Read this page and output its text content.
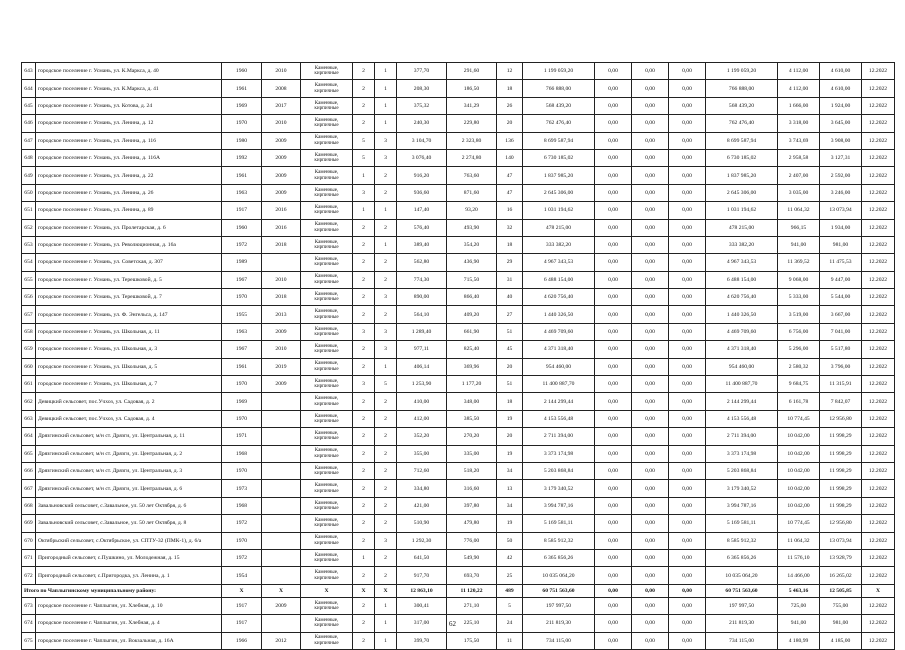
643	городское поселение г. Усмань, ул. К.Маркса, д. 40	1960	2010	Каменные, кирпичные	2	1	377,70	291,60	12	1 199 059,20	0,00	0,00	0,00	1 199 059,20	4 112,00	4 610,00	12.2022
644	городское поселение г. Усмань, ул. К.Маркса, д. 41	1961	2008	Каменные, кирпичные	2	1	208,30	186,50	18	766 888,00	0,00	0,00	0,00	766 888,00	4 112,00	4 610,00	12.2022
645	городское поселение г. Усмань, ул. Котова, д. 24	1969	2017	Каменные, кирпичные	2	1	375,32	341,29	26	568 439,20	0,00	0,00	0,00	568 439,20	1 666,00	1 924,00	12.2022
646	городское поселение г. Усмань, ул. Ленина, д. 12	1970	2010	Каменные, кирпичные	2	1	240,30	229,80	20	762 476,40	0,00	0,00	0,00	762 476,40	3 318,00	3 645,00	12.2022
647	городское поселение г. Усмань, ул. Ленина, д. 116	1980	2009	Каменные, кирпичные	5	3	3 104,70	2 323,80	136	8 699 587,94	0,00	0,00	0,00	8 699 587,94	3 743,69	3 908,00	12.2022
648	городское поселение г. Усмань, ул. Ленина, д. 116А	1992	2009	Каменные, кирпичные	5	3	3 076,40	2 274,80	140	6 730 185,02	0,00	0,00	0,00	6 730 185,02	2 958,58	3 127,31	12.2022
649	городское поселение г. Усмань, ул. Ленина, д. 22	1961	2009	Каменные, кирпичные	1	2	916,20	763,60	47	1 837 985,20	0,00	0,00	0,00	1 837 985,20	2 407,00	2 592,00	12.2022
650	городское поселение г. Усмань, ул. Ленина, д. 26	1963	2009	Каменные, кирпичные	3	2	936,60	871,60	47	2 645 306,00	0,00	0,00	0,00	2 645 306,00	3 035,00	3 246,00	12.2022
651	городское поселение г. Усмань, ул. Ленина, д. 89	1917	2016	Каменные, кирпичные	1	1	147,40	93,20	16	1 031 194,62	0,00	0,00	0,00	1 031 194,62	11 064,32	13 073,94	12.2022
652	городское поселение г. Усмань, ул. Пролетарская, д. 6	1960	2016	Каменные, кирпичные	2	2	576,40	493,90	32	478 215,00	0,00	0,00	0,00	478 215,00	966,15	1 934,00	12.2022
653	городское поселение г. Усмань, ул. Революционная, д. 16а	1972	2018	Каменные, кирпичные	2	1	389,40	354,20	18	333 382,20	0,00	0,00	0,00	333 382,20	941,00	981,00	12.2022
654	городское поселение г. Усмань, ул. Советская, д. 307	1989		Каменные, кирпичные	2	2	562,80	436,90	29	4 967 343,53	0,00	0,00	0,00	4 967 343,53	11 369,52	11 475,53	12.2022
655	городское поселение г. Усмань, ул. Терешковой, д. 5	1967	2010	Каменные, кирпичные	2	2	774,30	715,50	31	6 488 154,00	0,00	0,00	0,00	6 488 154,00	9 068,00	9 447,00	12.2022
656	городское поселение г. Усмань, ул. Терешковой, д. 7	1970	2018	Каменные, кирпичные	2	3	890,00	866,40	40	4 620 756,40	0,00	0,00	0,00	4 620 756,40	5 333,00	5 544,00	12.2022
657	городское поселение г. Усмань, ул. Ф. Энгельса, д. 147	1955	2013	Каменные, кирпичные	2	2	564,10	409,20	27	1 440 326,50	0,00	0,00	0,00	1 440 326,50	3 519,00	3 667,00	12.2022
658	городское поселение г. Усмань, ул. Школьная, д. 11	1963	2009	Каменные, кирпичные	3	3	1 289,40	661,90	51	4 469 709,60	0,00	0,00	0,00	4 469 709,60	6 756,00	7 041,00	12.2022
659	городское поселение г. Усмань, ул. Школьная, д. 3	1967	2010	Каменные, кирпичные	2	3	977,11	825,40	45	4 371 318,40	0,00	0,00	0,00	4 371 318,40	5 296,00	5 517,80	12.2022
660	городское поселение г. Усмань, ул. Школьная, д. 5	1961	2019	Каменные, кирпичные	2	1	406,14	369,96	20	954 460,00	0,00	0,00	0,00	954 460,00	2 580,32	3 796,00	12.2022
661	городское поселение г. Усмань, ул. Школьная, д. 7	1970	2009	Каменные, кирпичные	3	5	1 253,90	1 177,20	51	11 400 887,70	0,00	0,00	0,00	11 400 887,70	9 684,75	11 315,91	12.2022
662	Девицкий сельсовет, пос.Учхоз, ул. Садовая, д. 2	1969		Каменные, кирпичные	2	2	410,00	348,00	18	2 144 299,44	0,00	0,00	0,00	2 144 299,44	6 161,78	7 842,07	12.2022
663	Девицкий сельсовет, пос.Учхоз, ул. Садовая, д. 4	1970		Каменные, кирпичные	2	2	412,00	385,50	19	4 153 556,48	0,00	0,00	0,00	4 153 556,48	10 774,45	12 956,80	12.2022
664	Дрязгинский сельсовет, м/н ст. Дрязги, ул. Центральная, д. 11	1971		Каменные, кирпичные	2	2	352,20	270,20	20	2 711 394,00	0,00	0,00	0,00	2 711 394,00	10 042,00	11 998,29	12.2022
665	Дрязгинский сельсовет, м/н ст. Дрязги, ул. Центральная, д. 2	1968		Каменные, кирпичные	2	2	355,00	335,00	19	3 373 174,98	0,00	0,00	0,00	3 373 174,98	10 042,00	11 998,29	12.2022
666	Дрязгинский сельсовет, м/н ст. Дрязги, ул. Центральная, д. 3	1970		Каменные, кирпичные	2	2	712,60	518,20	34	5 203 868,84	0,00	0,00	0,00	5 203 868,84	10 042,00	11 998,29	12.2022
667	Дрязгинский сельсовет, м/н ст. Дрязги, ул. Центральная, д. 6	1973		Каменные, кирпичные	2	2	334,80	316,60	13	3 179 340,52	0,00	0,00	0,00	3 179 340,52	10 042,00	11 998,29	12.2022
668	Завальновский сельсовет, с.Завальное, ул. 50 лет Октября, д. 6	1968		Каменные, кирпичные	2	2	421,00	397,80	34	3 994 787,16	0,00	0,00	0,00	3 994 787,16	10 042,00	11 998,29	12.2022
669	Завальновский сельсовет, с.Завальное, ул. 50 лет Октября, д. 8	1972		Каменные, кирпичные	2	2	510,90	479,80	19	5 169 581,11	0,00	0,00	0,00	5 169 581,11	10 774,45	12 956,80	12.2022
670	Октябрьский сельсовет, с.Октябрьское, ул. СПТУ-32 (ПМК-1), д. 6/а	1970		Каменные, кирпичные	2	3	1 292,30	776,00	50	8 585 912,32	0,00	0,00	0,00	8 585 912,32	11 064,32	13 073,94	12.2022
671	Пригородный сельсовет, с.Пушкино, ул. Молодежная, д. 15	1972		Каменные, кирпичные	1	2	641,50	549,90	42	6 365 856,26	0,00	0,00	0,00	6 365 856,26	11 576,10	13 928,79	12.2022
672	Пригородный сельсовет, с.Пригородка, ул. Ленина, д. 1	1954		Каменные, кирпичные	2	2	917,70	693,70	25	10 035 064,20	0,00	0,00	0,00	10 035 064,20	14 466,00	16 265,02	12.2022
Итого по Чаплыгинскому муниципальному району:		X	X	X	X	X	12 863,10	11 120,22	489	60 751 563,60	0,00	0,00	0,00	60 751 563,60	5 463,16	12 505,85	X
673	городское поселение г. Чаплыгин, ул. Хлебная, д. 10	1917	2009	Каменные, кирпичные	2	1	300,41	271,10	5	197 997,50	0,00	0,00	0,00	197 997,50	725,00	755,00	12.2022
674	городское поселение г. Чаплыгин, ул. Хлебная, д. 4	1917		Каменные, кирпичные	2	1	317,00	225,10	24	211 819,30	0,00	0,00	0,00	211 819,30	941,00	981,00	12.2022
675	городское поселение г. Чаплыгин, ул. Вокзальная, д. 16А	1966	2012	Каменные, кирпичные	2	1	399,70	175,50	11	734 115,00	0,00	0,00	0,00	734 115,00	4 180,99	4 185,00	12.2022
62
